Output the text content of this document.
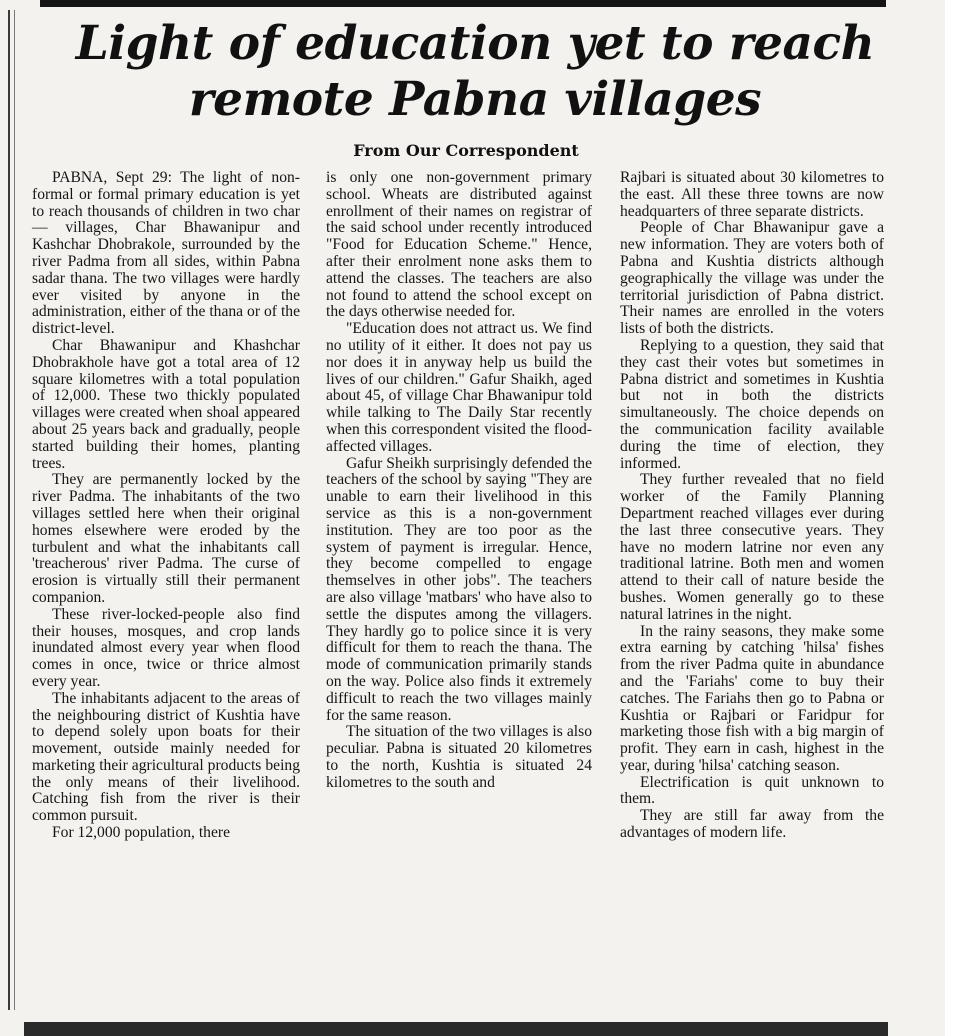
Light of education yet to reach
remote Pabna villages
From Our Correspondent

PABNA, Sept 29: The light of non-formal or formal primary education is yet to reach thousands of children in two char — villages, Char Bhawanipur and Kashchar Dhobrakole, surrounded by the river Padma from all sides, within Pabna sadar thana. The two villages were hardly ever visited by anyone in the administration, either of the thana or of the district-level.

Char Bhawanipur and Khashchar Dhobrakhole have got a total area of 12 square kilometres with a total population of 12,000. These two thickly populated villages were created when shoal appeared about 25 years back and gradually, people started building their homes, planting trees.

They are permanently locked by the river Padma. The inhabitants of the two villages settled here when their original homes elsewhere were eroded by the turbulent and what the inhabitants call 'treacherous' river Padma. The curse of erosion is virtually still their permanent companion.

These river-locked-people also find their houses, mosques, and crop lands inundated almost every year when flood comes in once, twice or thrice almost every year.

The inhabitants adjacent to the areas of the neighbouring district of Kushtia have to depend solely upon boats for their movement, outside mainly needed for marketing their agricultural products being the only means of their livelihood. Catching fish from the river is their common pursuit.

For 12,000 population, there

is only one non-government primary school. Wheats are distributed against enrollment of their names on registrar of the said school under recently introduced "Food for Education Scheme." Hence, after their enrolment none asks them to attend the classes. The teachers are also not found to attend the school except on the days otherwise needed for.

"Education does not attract us. We find no utility of it either. It does not pay us nor does it in anyway help us build the lives of our children." Gafur Shaikh, aged about 45, of village Char Bhawanipur told while talking to The Daily Star recently when this correspondent visited the flood-affected villages.

Gafur Sheikh surprisingly defended the teachers of the school by saying "They are unable to earn their livelihood in this service as this is a non-government institution. They are too poor as the system of payment is irregular. Hence, they become compelled to engage themselves in other jobs". The teachers are also village 'matbars' who have also to settle the disputes among the villagers. They hardly go to police since it is very difficult for them to reach the thana. The mode of communication primarily stands on the way. Police also finds it extremely difficult to reach the two villages mainly for the same reason.

The situation of the two villages is also peculiar. Pabna is situated 20 kilometres to the north, Kushtia is situated 24 kilometres to the south and

Rajbari is situated about 30 kilometres to the east. All these three towns are now headquarters of three separate districts.

People of Char Bhawanipur gave a new information. They are voters both of Pabna and Kushtia districts although geographically the village was under the territorial jurisdiction of Pabna district. Their names are enrolled in the voters lists of both the districts.

Replying to a question, they said that they cast their votes but sometimes in Pabna district and sometimes in Kushtia but not in both the districts simultaneously. The choice depends on the communication facility available during the time of election, they informed.

They further revealed that no field worker of the Family Planning Department reached villages ever during the last three consecutive years. They have no modern latrine nor even any traditional latrine. Both men and women attend to their call of nature beside the bushes. Women generally go to these natural latrines in the night.

In the rainy seasons, they make some extra earning by catching 'hilsa' fishes from the river Padma quite in abundance and the 'Fariahs' come to buy their catches. The Fariahs then go to Pabna or Kushtia or Rajbari or Faridpur for marketing those fish with a big margin of profit. They earn in cash, highest in the year, during 'hilsa' catching season.

Electrification is quit unknown to them.

They are still far away from the advantages of modern life.
